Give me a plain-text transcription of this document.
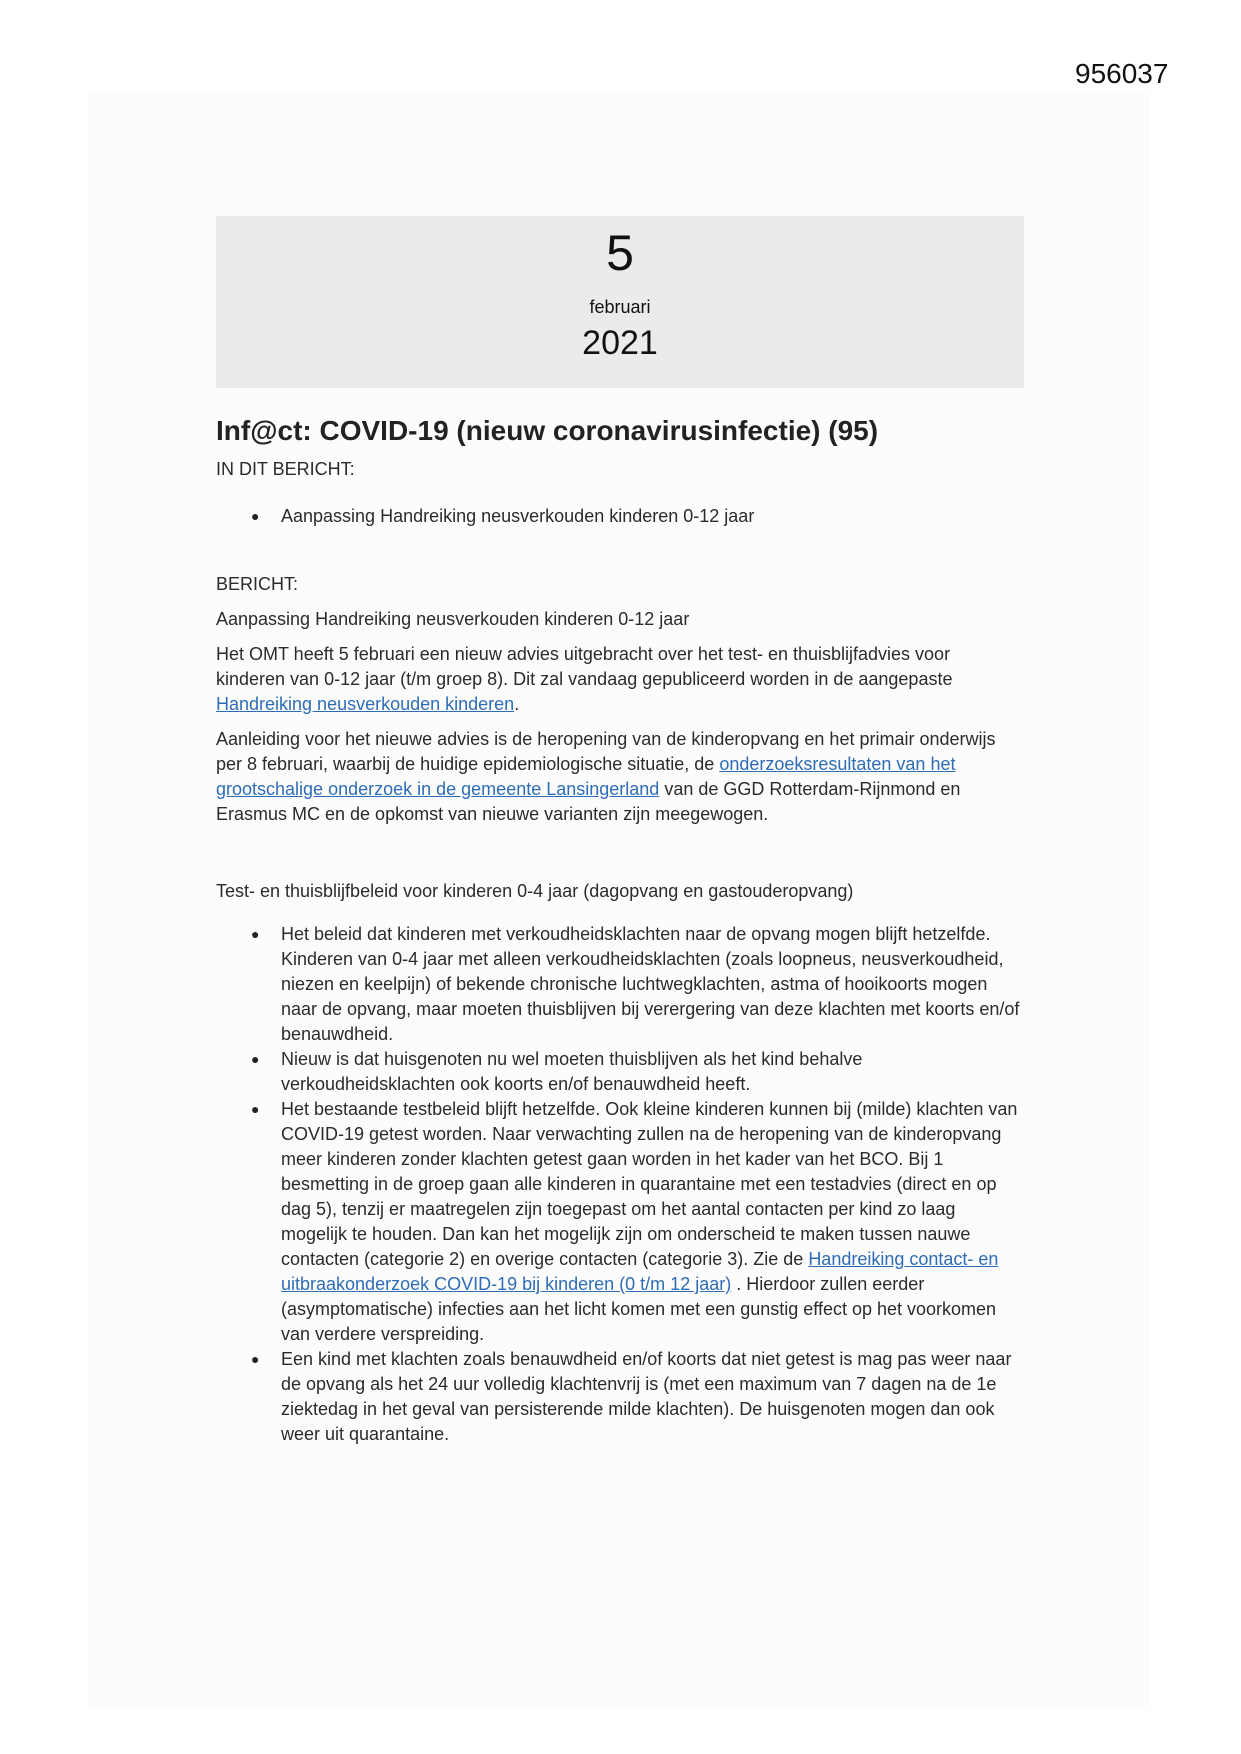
956037
5
februari
2021
Inf@ct: COVID-19 (nieuw coronavirusinfectie) (95)
IN DIT BERICHT:
● Aanpassing Handreiking neusverkouden kinderen 0-12 jaar
BERICHT:

Aanpassing Handreiking neusverkouden kinderen 0-12 jaar

Het OMT heeft 5 februari een nieuw advies uitgebracht over het test- en thuisblijfadvies voor kinderen van 0-12 jaar (t/m groep 8). Dit zal vandaag gepubliceerd worden in de aangepaste Handreiking neusverkouden kinderen.

Aanleiding voor het nieuwe advies is de heropening van de kinderopvang en het primair onderwijs per 8 februari, waarbij de huidige epidemiologische situatie, de onderzoeksresultaten van het grootschalige onderzoek in de gemeente Lansingerland van de GGD Rotterdam-Rijnmond en Erasmus MC en de opkomst van nieuwe varianten zijn meegewogen.

Test- en thuisblijfbeleid voor kinderen 0-4 jaar (dagopvang en gastouderopvang)

● Het beleid dat kinderen met verkoudheidsklachten naar de opvang mogen blijft hetzelfde. Kinderen van 0-4 jaar met alleen verkoudheidsklachten (zoals loopneus, neusverkoudheid, niezen en keelpijn) of bekende chronische luchtwegklachten, astma of hooikoorts mogen naar de opvang, maar moeten thuisblijven bij verergering van deze klachten met koorts en/of benauwdheid.
● Nieuw is dat huisgenoten nu wel moeten thuisblijven als het kind behalve verkoudheidsklachten ook koorts en/of benauwdheid heeft.
● Het bestaande testbeleid blijft hetzelfde. Ook kleine kinderen kunnen bij (milde) klachten van COVID-19 getest worden. Naar verwachting zullen na de heropening van de kinderopvang meer kinderen zonder klachten getest gaan worden in het kader van het BCO. Bij 1 besmetting in de groep gaan alle kinderen in quarantaine met een testadvies (direct en op dag 5), tenzij er maatregelen zijn toegepast om het aantal contacten per kind zo laag mogelijk te houden. Dan kan het mogelijk zijn om onderscheid te maken tussen nauwe contacten (categorie 2) en overige contacten (categorie 3). Zie de Handreiking contact- en uitbraakonderzoek COVID-19 bij kinderen (0 t/m 12 jaar) . Hierdoor zullen eerder (asymptomatische) infecties aan het licht komen met een gunstig effect op het voorkomen van verdere verspreiding.
● Een kind met klachten zoals benauwdheid en/of koorts dat niet getest is mag pas weer naar de opvang als het 24 uur volledig klachtenvrij is (met een maximum van 7 dagen na de 1e ziektedag in het geval van persisterende milde klachten). De huisgenoten mogen dan ook weer uit quarantaine.
